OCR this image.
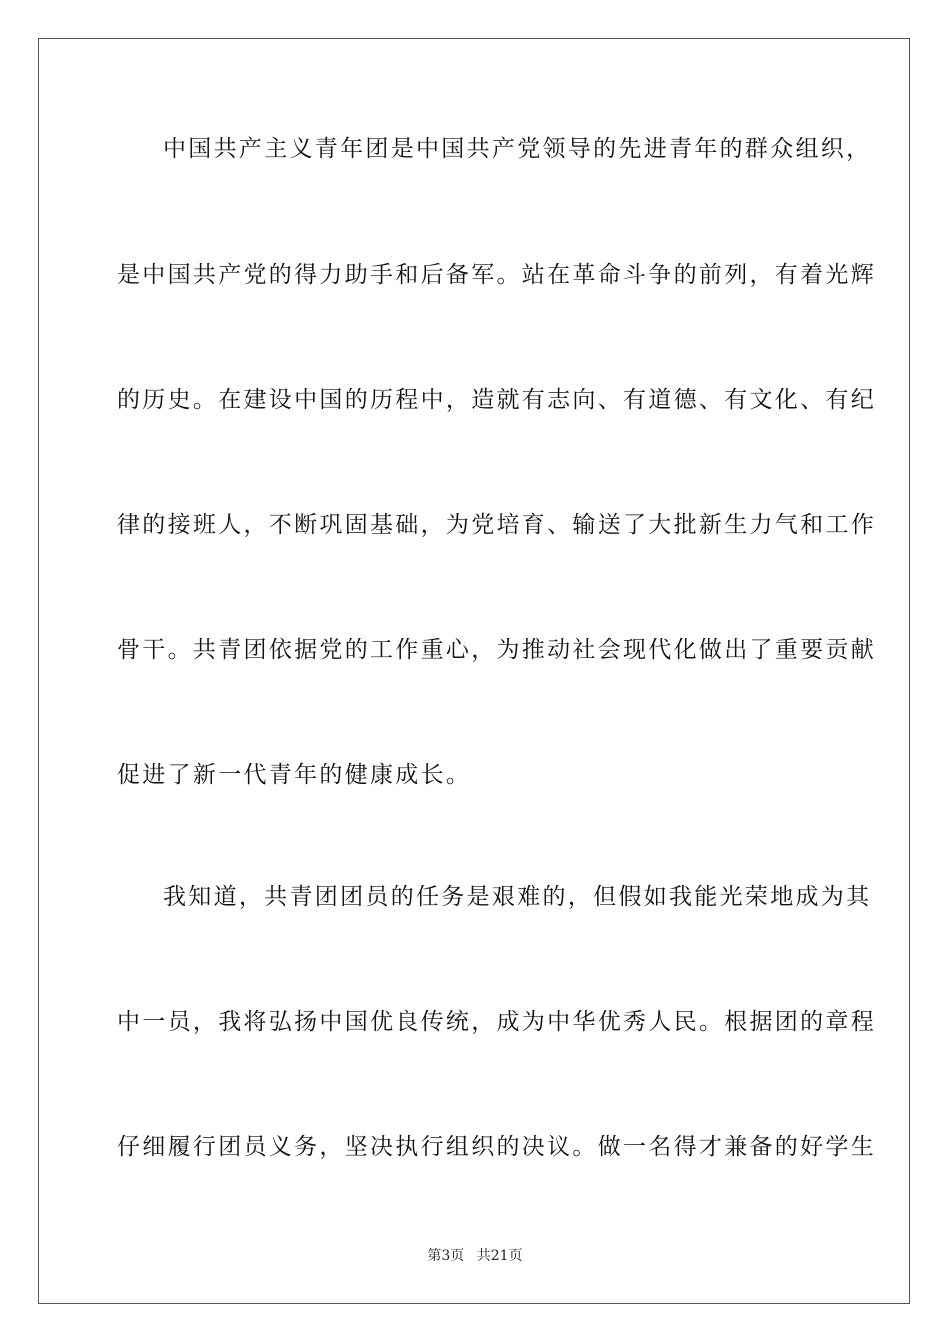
中国共产主义青年团是中国共产党领导的先进青年的群众组织，
是中国共产党的得力助手和后备军。站在革命斗争的前列，有着光辉
的历史。在建设中国的历程中，造就有志向、有道德、有文化、有纪
律的接班人，不断巩固基础，为党培育、输送了大批新生力气和工作
骨干。共青团依据党的工作重心，为推动社会现代化做出了重要贡献
促进了新一代青年的健康成长。
我知道，共青团团员的任务是艰难的，但假如我能光荣地成为其
中一员，我将弘扬中国优良传统，成为中华优秀人民。根据团的章程
仔细履行团员义务，坚决执行组织的决议。做一名得才兼备的好学生
第3页 共21页
